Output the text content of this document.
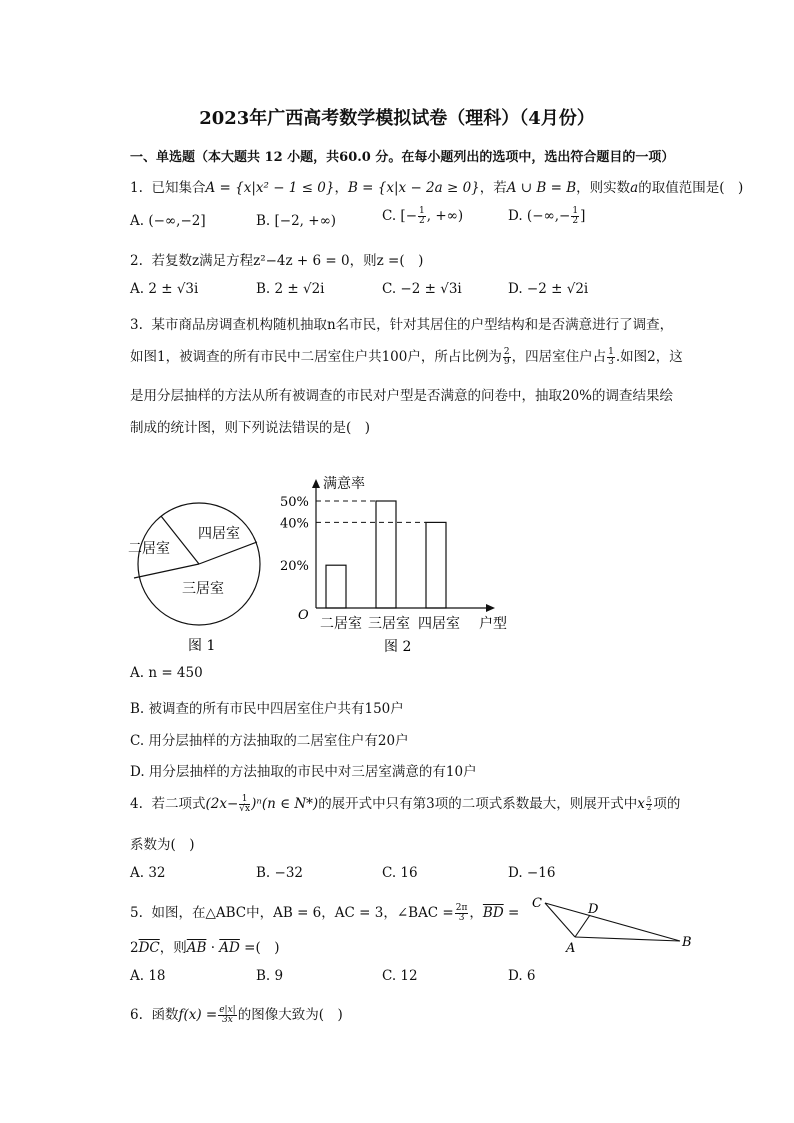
2023年广西高考数学模拟试卷（理科）（4月份）
一、单选题（本大题共 12 小题，共60.0 分。在每小题列出的选项中，选出符合题目的一项）
1. 已知集合A = {x|x² − 1 ≤ 0}，B = {x|x − 2a ≥ 0}，若A ∪ B = B，则实数a的取值范围是(　)
A. (−∞,−2]	B. [−2, +∞)	C. [− $\frac{1}{2}$ , +∞)	D. (−∞,− $\frac{1}{2}$ ]
2. 若复数z满足方程z²−4z + 6 = 0，则z =(　)
A. 2 ± √3i	B. 2 ± √2i	C. −2 ± √3i	D. −2 ± √2i
3. 某市商品房调查机构随机抽取n名市民，针对其居住的户型结构和是否满意进行了调查，
如图1，被调查的所有市民中二居室住户共100户，所占比例为 $\frac{2}{9}$ ，四居室住户占 $\frac{1}{3}$ .如图2，这
是用分层抽样的方法从所有被调查的市民对户型是否满意的问卷中，抽取20%的调查结果绘
制成的统计图，则下列说法错误的是(　)
四居室
二居室
三居室
图 1
满意率
户型
O
图 2
50%
40%
20%
二居室 三居室 四居室
A. n = 450
B. 被调查的所有市民中四居室住户共有150户
C. 用分层抽样的方法抽取的二居室住户有20户
D. 用分层抽样的方法抽取的市民中对三居室满意的有10户
4. 若二项式$(2x- \frac{1}{√x} )^n(n$ ∈ N*)的展开式中只有第3项的二项式系数最大，则展开式中x $\frac{5}{2}$ 项的
系数为(　)
A. 32	B. −32	C. 16	D. −16
5. 如图，在△ABC中，AB = 6，AC = 3，∠BAC = $\frac{2\pi}{3}$ ，$\overline{BD}$ =
$2\overline{DC}$，则$\overline{AB} \cdot \overline{AD}$ =(　)
C	D
A	B
A. 18	B. 9	C. 12	D. 6
6. 函数$f(x) = \frac{e|x|}{3x}$ 的图像大致为(　)
